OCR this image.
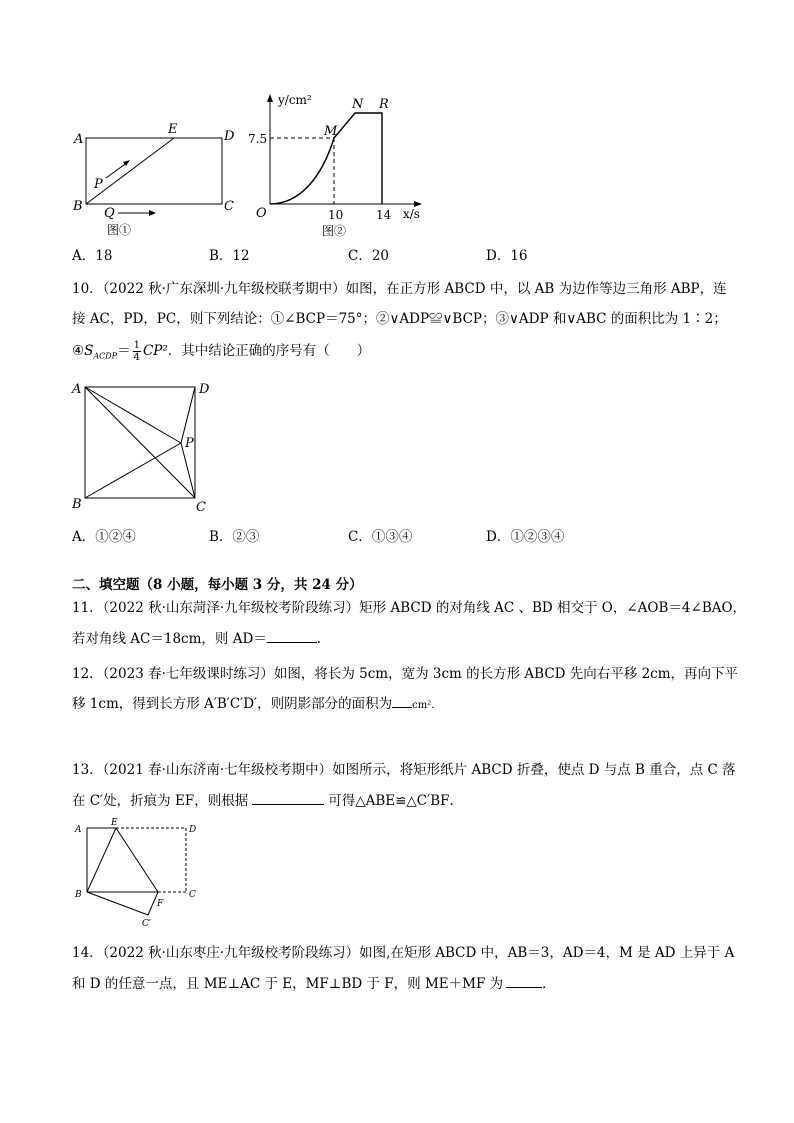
A
B	C
D
E
P
Q
图①
y/cm²
x/s
O
7.5
10	14
M
N R
图②
A．18	B．12	C．20	D．16
10．（2022 秋·广东深圳·九年级校联考期中）如图，在正方形 ABCD 中，以 AB 为边作等边三角形 ABP，连
接 AC，PD，PC，则下列结论：①∠BCP＝75°；②∨ADP≌∨BCP；③∨ADP 和∨ABC 的面积比为 1∶2；
$④S_{ACDP}= \frac{1}{4} CP^2$．其中结论正确的序号有（　　）
A
B	C
D
P
A．①②④	B．②③	C．①③④	D．①②③④
二、填空题（8 小题，每小题 3 分，共 24 分）
11．（2022 秋·山东菏泽·九年级校考阶段练习）矩形 ABCD 的对角线 AC 、BD 相交于 O，∠AOB＝4∠BAO，
若对角线 AC＝18cm，则 AD＝	．
12．（2023 春·七年级课时练习）如图，将长为 5cm，宽为 3cm 的长方形 ABCD 先向右平移 2cm，再向下平
移 1cm，得到长方形 A′B′C′D′，则阴影部分的面积为 cm²．
13．（2021 春·山东济南·七年级校考期中）如图所示，将矩形纸片 ABCD 折叠，使点 D 与点 B 重合，点 C 落
在 C′处，折痕为 EF，则根据	可得△ABE≌△C′BF．
A
E
D
B	C
F
C′
14．（2022 秋·山东枣庄·九年级校考阶段练习）如图,在矩形 ABCD 中，AB＝3，AD＝4，M 是 AD 上异于 A
和 D 的任意一点，且 ME⊥AC 于 E，MF⊥BD 于 F，则 ME＋MF 为	．
